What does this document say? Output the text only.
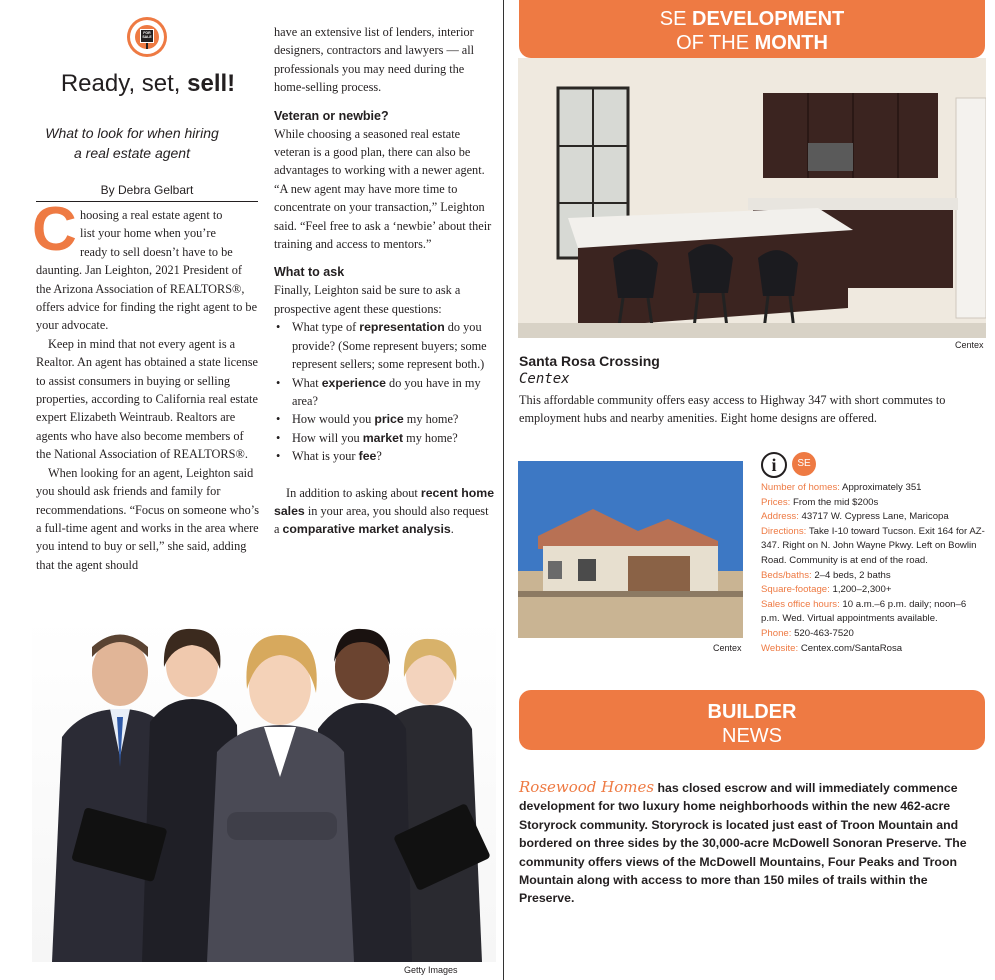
FOR SALE
Ready, set, sell!
What to look for when hiring
a real estate agent
By Debra Gelbart
C hoosing a real estate agent to
list your home when you’re
ready to sell doesn’t have to be

daunting. Jan Leighton, 2021 President of the Arizona Association of REALTORS®, offers advice for finding the right agent to be your advocate.

Keep in mind that not every agent is a Realtor. An agent has obtained a state license to assist consumers in buying or selling properties, according to California real estate expert Elizabeth Weintraub. Realtors are agents who have also become members of the National Association of REALTORS®.

When looking for an agent, Leighton said you should ask friends and family for recommendations. “Focus on someone who’s a full-time agent and works in the area where you intend to buy or sell,” she said, adding that the agent should

have an extensive list of lenders, interior designers, contractors and lawyers — all professionals you may need during the home-selling process.

Veteran or newbie?

While choosing a seasoned real estate veteran is a good plan, there can also be advantages to working with a newer agent. “A new agent may have more time to concentrate on your transaction,” Leighton said. “Feel free to ask a ‘newbie’ about their training and access to mentors.”

What to ask

Finally, Leighton said be sure to ask a prospective agent these questions:

• What type of representation do you provide? (Some represent buyers; some represent sellers; some represent both.)
• What experience do you have in my area?
• How would you price my home?
• How will you market my home?
• What is your fee?

In addition to asking about recent home sales in your area, you should also request a comparative market analysis.

Getty Images
SE DEVELOPMENT
OF THE MONTH
Centex
Santa Rosa Crossing
Centex
This affordable community offers easy access to Highway 347 with short commutes to employment hubs and nearby amenities. Eight home designs are offered.
Centex
i	SE
Number of homes: Approximately 351
Prices: From the mid $200s
Address: 43717 W. Cypress Lane, Maricopa
Directions: Take I-10 toward Tucson. Exit 164 for AZ-347. Right on N. John Wayne Pkwy. Left on Bowlin Road. Community is at end of the road.
Beds/baths: 2–4 beds, 2 baths
Square-footage: 1,200–2,300+
Sales office hours: 10 a.m.–6 p.m. daily; noon–6 p.m. Wed. Virtual appointments available.
Phone: 520-463-7520
Website: Centex.com/SantaRosa
BUILDER
NEWS
Rosewood Homes has closed escrow and will immediately commence development for two luxury home neighborhoods within the new 462-acre Storyrock community. Storyrock is located just east of Troon Mountain and bordered on three sides by the 30,000-acre McDowell Sonoran Preserve. The community offers views of the McDowell Mountains, Four Peaks and Troon Mountain along with access to more than 150 miles of trails within the Preserve.
